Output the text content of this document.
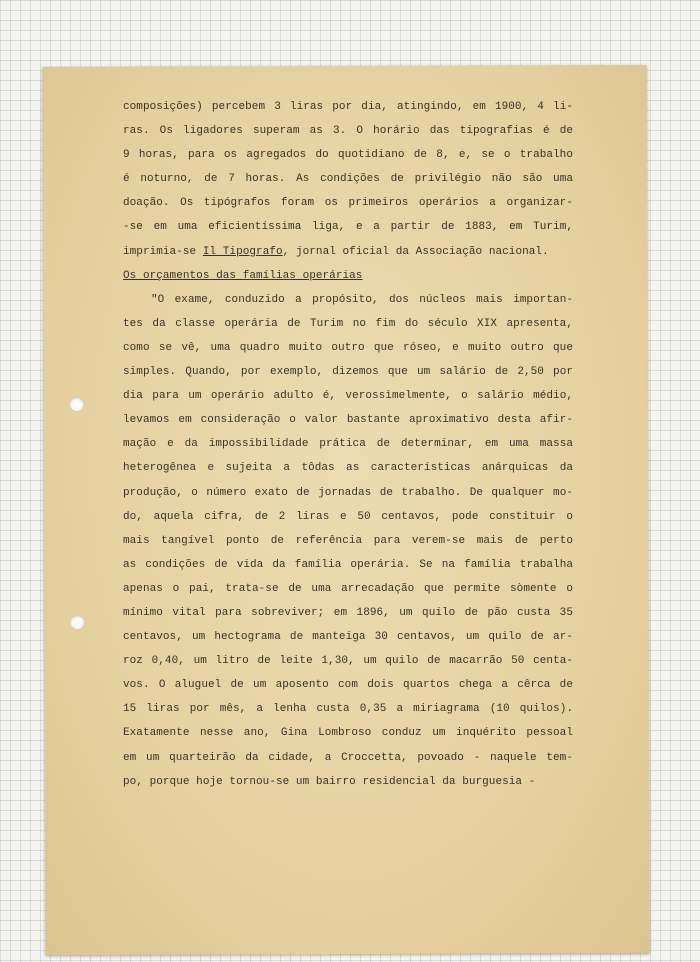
composições) percebem 3 liras por dia, atingindo, em 1900, 4 li-
ras. Os ligadores superam as 3. O horário das tipografias é de
9 horas, para os agregados do quotidiano de 8, e, se o trabalho
é noturno, de 7 horas. As condições de privilégio não são uma
doação. Os tipógrafos foram os primeiros operários a organizar-
-se em uma eficientíssima liga, e a partir de 1883, em Turim,
imprimia-se Il Tipografo, jornal oficial da Associação nacional.
Os orçamentos das famílias operárias
"O exame, conduzido a propósito, dos núcleos mais importan-
tes da classe operária de Turim no fim do século XIX apresenta,
como se vê, uma quadro muito outro que róseo, e muito outro que
simples. Quando, por exemplo, dizemos que um salário de 2,50 por
dia para um operário adulto é, verossìmelmente, o salário médio,
levamos em consideração o valor bastante aproximativo desta afir-
mação e da impossibilidade prática de determinar, em uma massa
heterogênea e sujeita a tôdas as características anárquicas da
produção, o número exato de jornadas de trabalho. De qualquer mo-
do, aquela cifra, de 2 liras e 50 centavos, pode constituir o
mais tangível ponto de referência para verem-se mais de perto
as condições de vida da família operária. Se na família trabalha
apenas o pai, trata-se de uma arrecadação que permite sòmente o
mínimo vital para sobreviver; em 1896, um quilo de pão custa 35
centavos, um hectograma de manteiga 30 centavos, um quilo de ar-
roz 0,40, um litro de leite 1,30, um quilo de macarrão 50 centa-
vos. O aluguel de um aposento com dois quartos chega a cêrca de
15 liras por mês, a lenha custa 0,35 a miriagrama (10 quilos).
Exatamente nesse ano, Gina Lombroso conduz um inquérito pessoal
em um quarteirão da cidade, a Croccetta, povoado - naquele tem-
po, porque hoje tornou-se um bairro residencial da burguesia -
